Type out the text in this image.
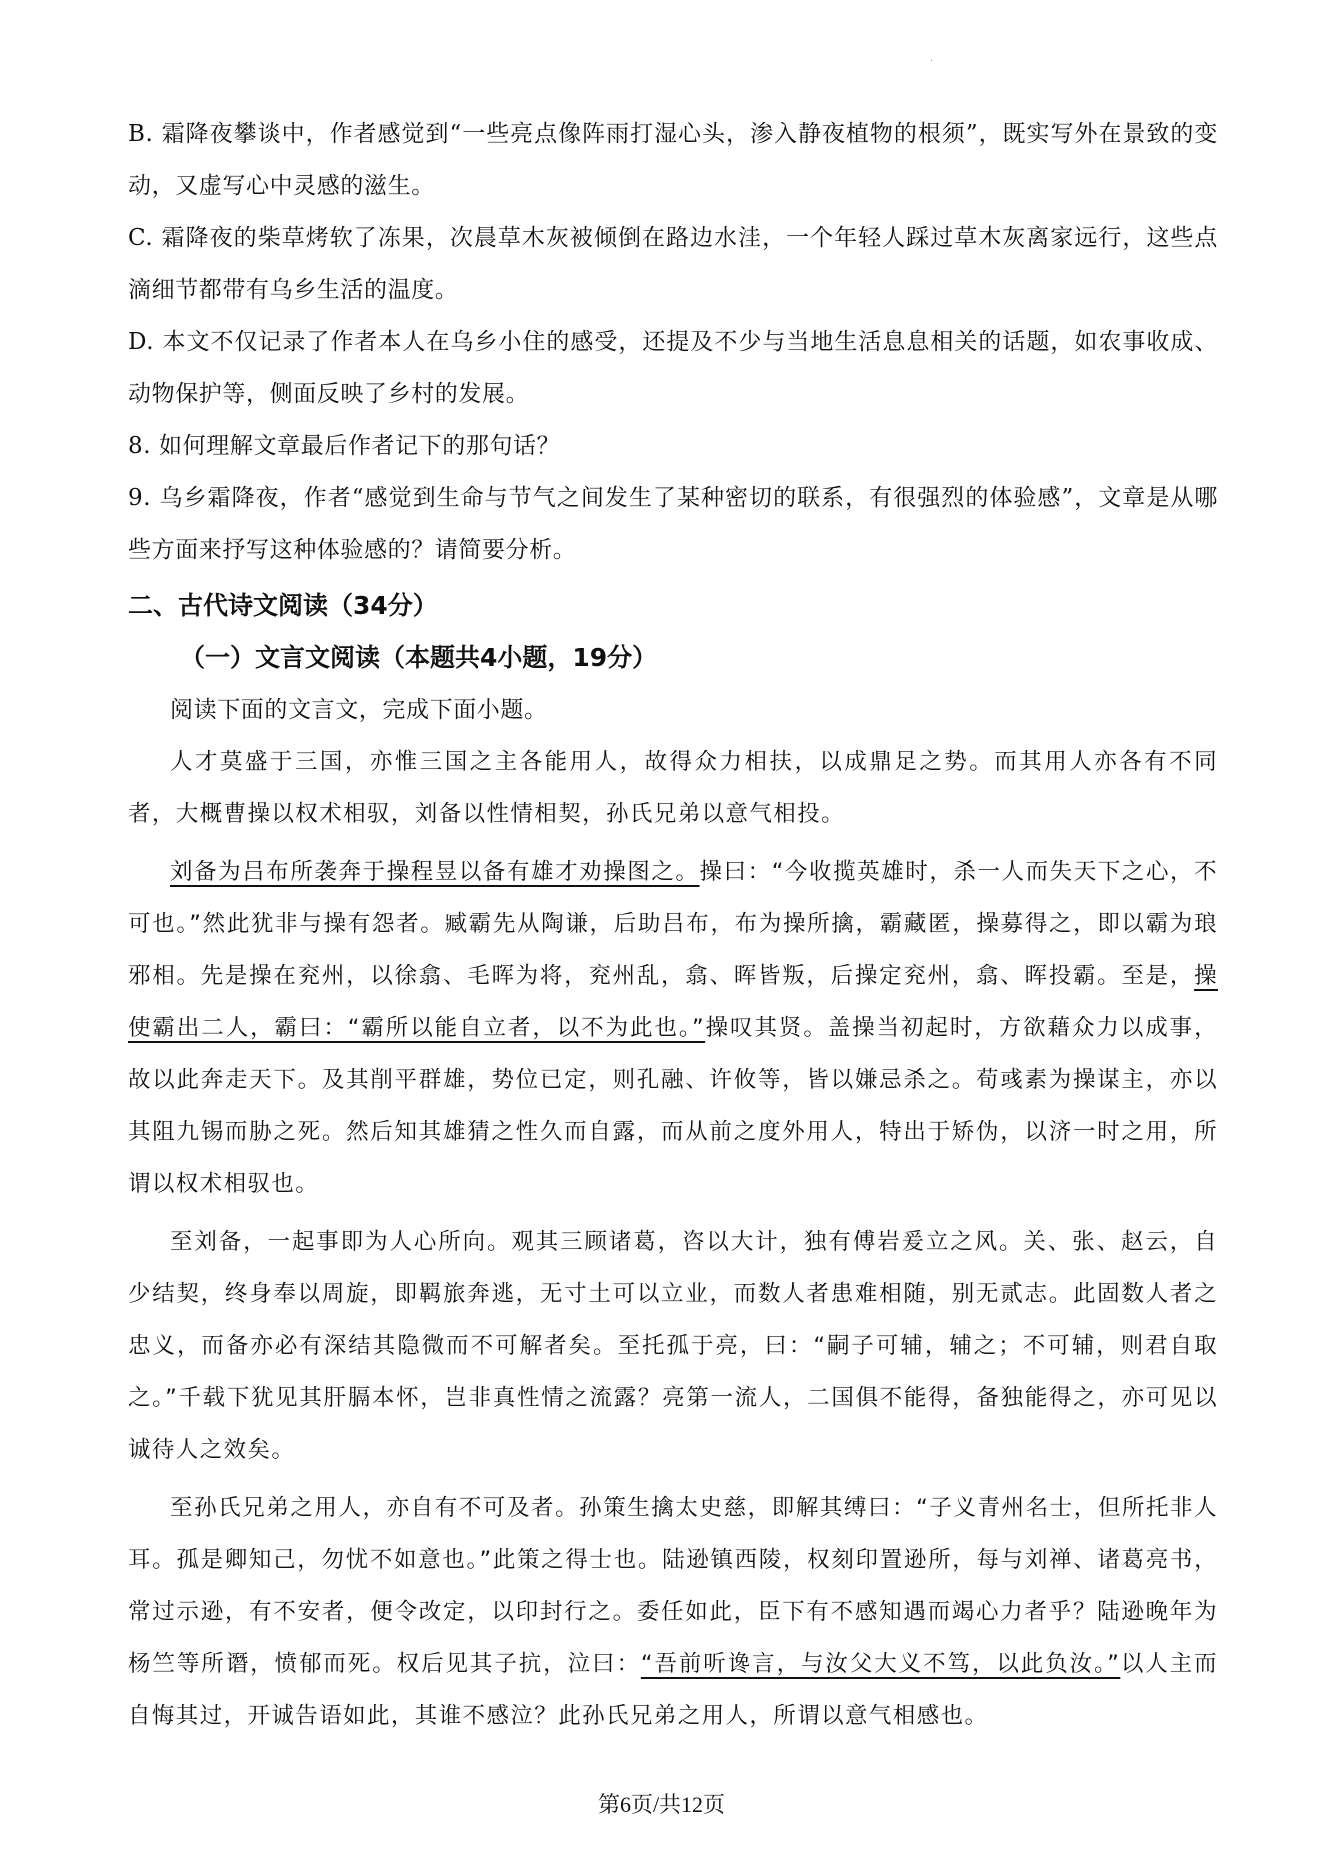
·

B. 霜降夜攀谈中，作者感觉到“一些亮点像阵雨打湿心头，渗入静夜植物的根须”，既实写外在景致的变动，又虚写心中灵感的滋生。

C. 霜降夜的柴草烤软了冻果，次晨草木灰被倾倒在路边水洼，一个年轻人踩过草木灰离家远行，这些点滴细节都带有乌乡生活的温度。

D. 本文不仅记录了作者本人在乌乡小住的感受，还提及不少与当地生活息息相关的话题，如农事收成、动物保护等，侧面反映了乡村的发展。

8. 如何理解文章最后作者记下的那句话？

9. 乌乡霜降夜，作者“感觉到生命与节气之间发生了某种密切的联系，有很强烈的体验感”，文章是从哪些方面来抒写这种体验感的？请简要分析。

二、古代诗文阅读（34分）

（一）文言文阅读（本题共4小题，19分）

阅读下面的文言文，完成下面小题。

人才莫盛于三国，亦惟三国之主各能用人，故得众力相扶，以成鼎足之势。而其用人亦各有不同者，大概曹操以权术相驭，刘备以性情相契，孙氏兄弟以意气相投。

刘备为吕布所袭奔于操程昱以备有雄才劝操图之。操曰：“今收揽英雄时，杀一人而失天下之心，不可也。”然此犹非与操有怨者。臧霸先从陶谦，后助吕布，布为操所擒，霸藏匿，操募得之，即以霸为琅邪相。先是操在兖州，以徐翕、毛晖为将，兖州乱，翕、晖皆叛，后操定兖州，翕、晖投霸。至是，操使霸出二人，霸曰：“霸所以能自立者，以不为此也。”操叹其贤。盖操当初起时，方欲藉众力以成事，故以此奔走天下。及其削平群雄，势位已定，则孔融、许攸等，皆以嫌忌杀之。荀彧素为操谋主，亦以其阻九锡而胁之死。然后知其雄猜之性久而自露，而从前之度外用人，特出于矫伪，以济一时之用，所谓以权术相驭也。

至刘备，一起事即为人心所向。观其三顾诸葛，咨以大计，独有傅岩爰立之风。关、张、赵云，自少结契，终身奉以周旋，即羁旅奔逃，无寸土可以立业，而数人者患难相随，别无贰志。此固数人者之忠义，而备亦必有深结其隐微而不可解者矣。至托孤于亮，曰：“嗣子可辅，辅之；不可辅，则君自取之。”千载下犹见其肝膈本怀，岂非真性情之流露？亮第一流人，二国俱不能得，备独能得之，亦可见以诚待人之效矣。

至孙氏兄弟之用人，亦自有不可及者。孙策生擒太史慈，即解其缚曰：“子义青州名士，但所托非人耳。孤是卿知己，勿忧不如意也。”此策之得士也。陆逊镇西陵，权刻印置逊所，每与刘禅、诸葛亮书，常过示逊，有不安者，便令改定，以印封行之。委任如此，臣下有不感知遇而竭心力者乎？陆逊晚年为杨竺等所谮，愤郁而死。权后见其子抗，泣曰：“吾前听谗言，与汝父大义不笃，以此负汝。”以人主而自悔其过，开诚告语如此，其谁不感泣？此孙氏兄弟之用人，所谓以意气相感也。

第6页/共12页
